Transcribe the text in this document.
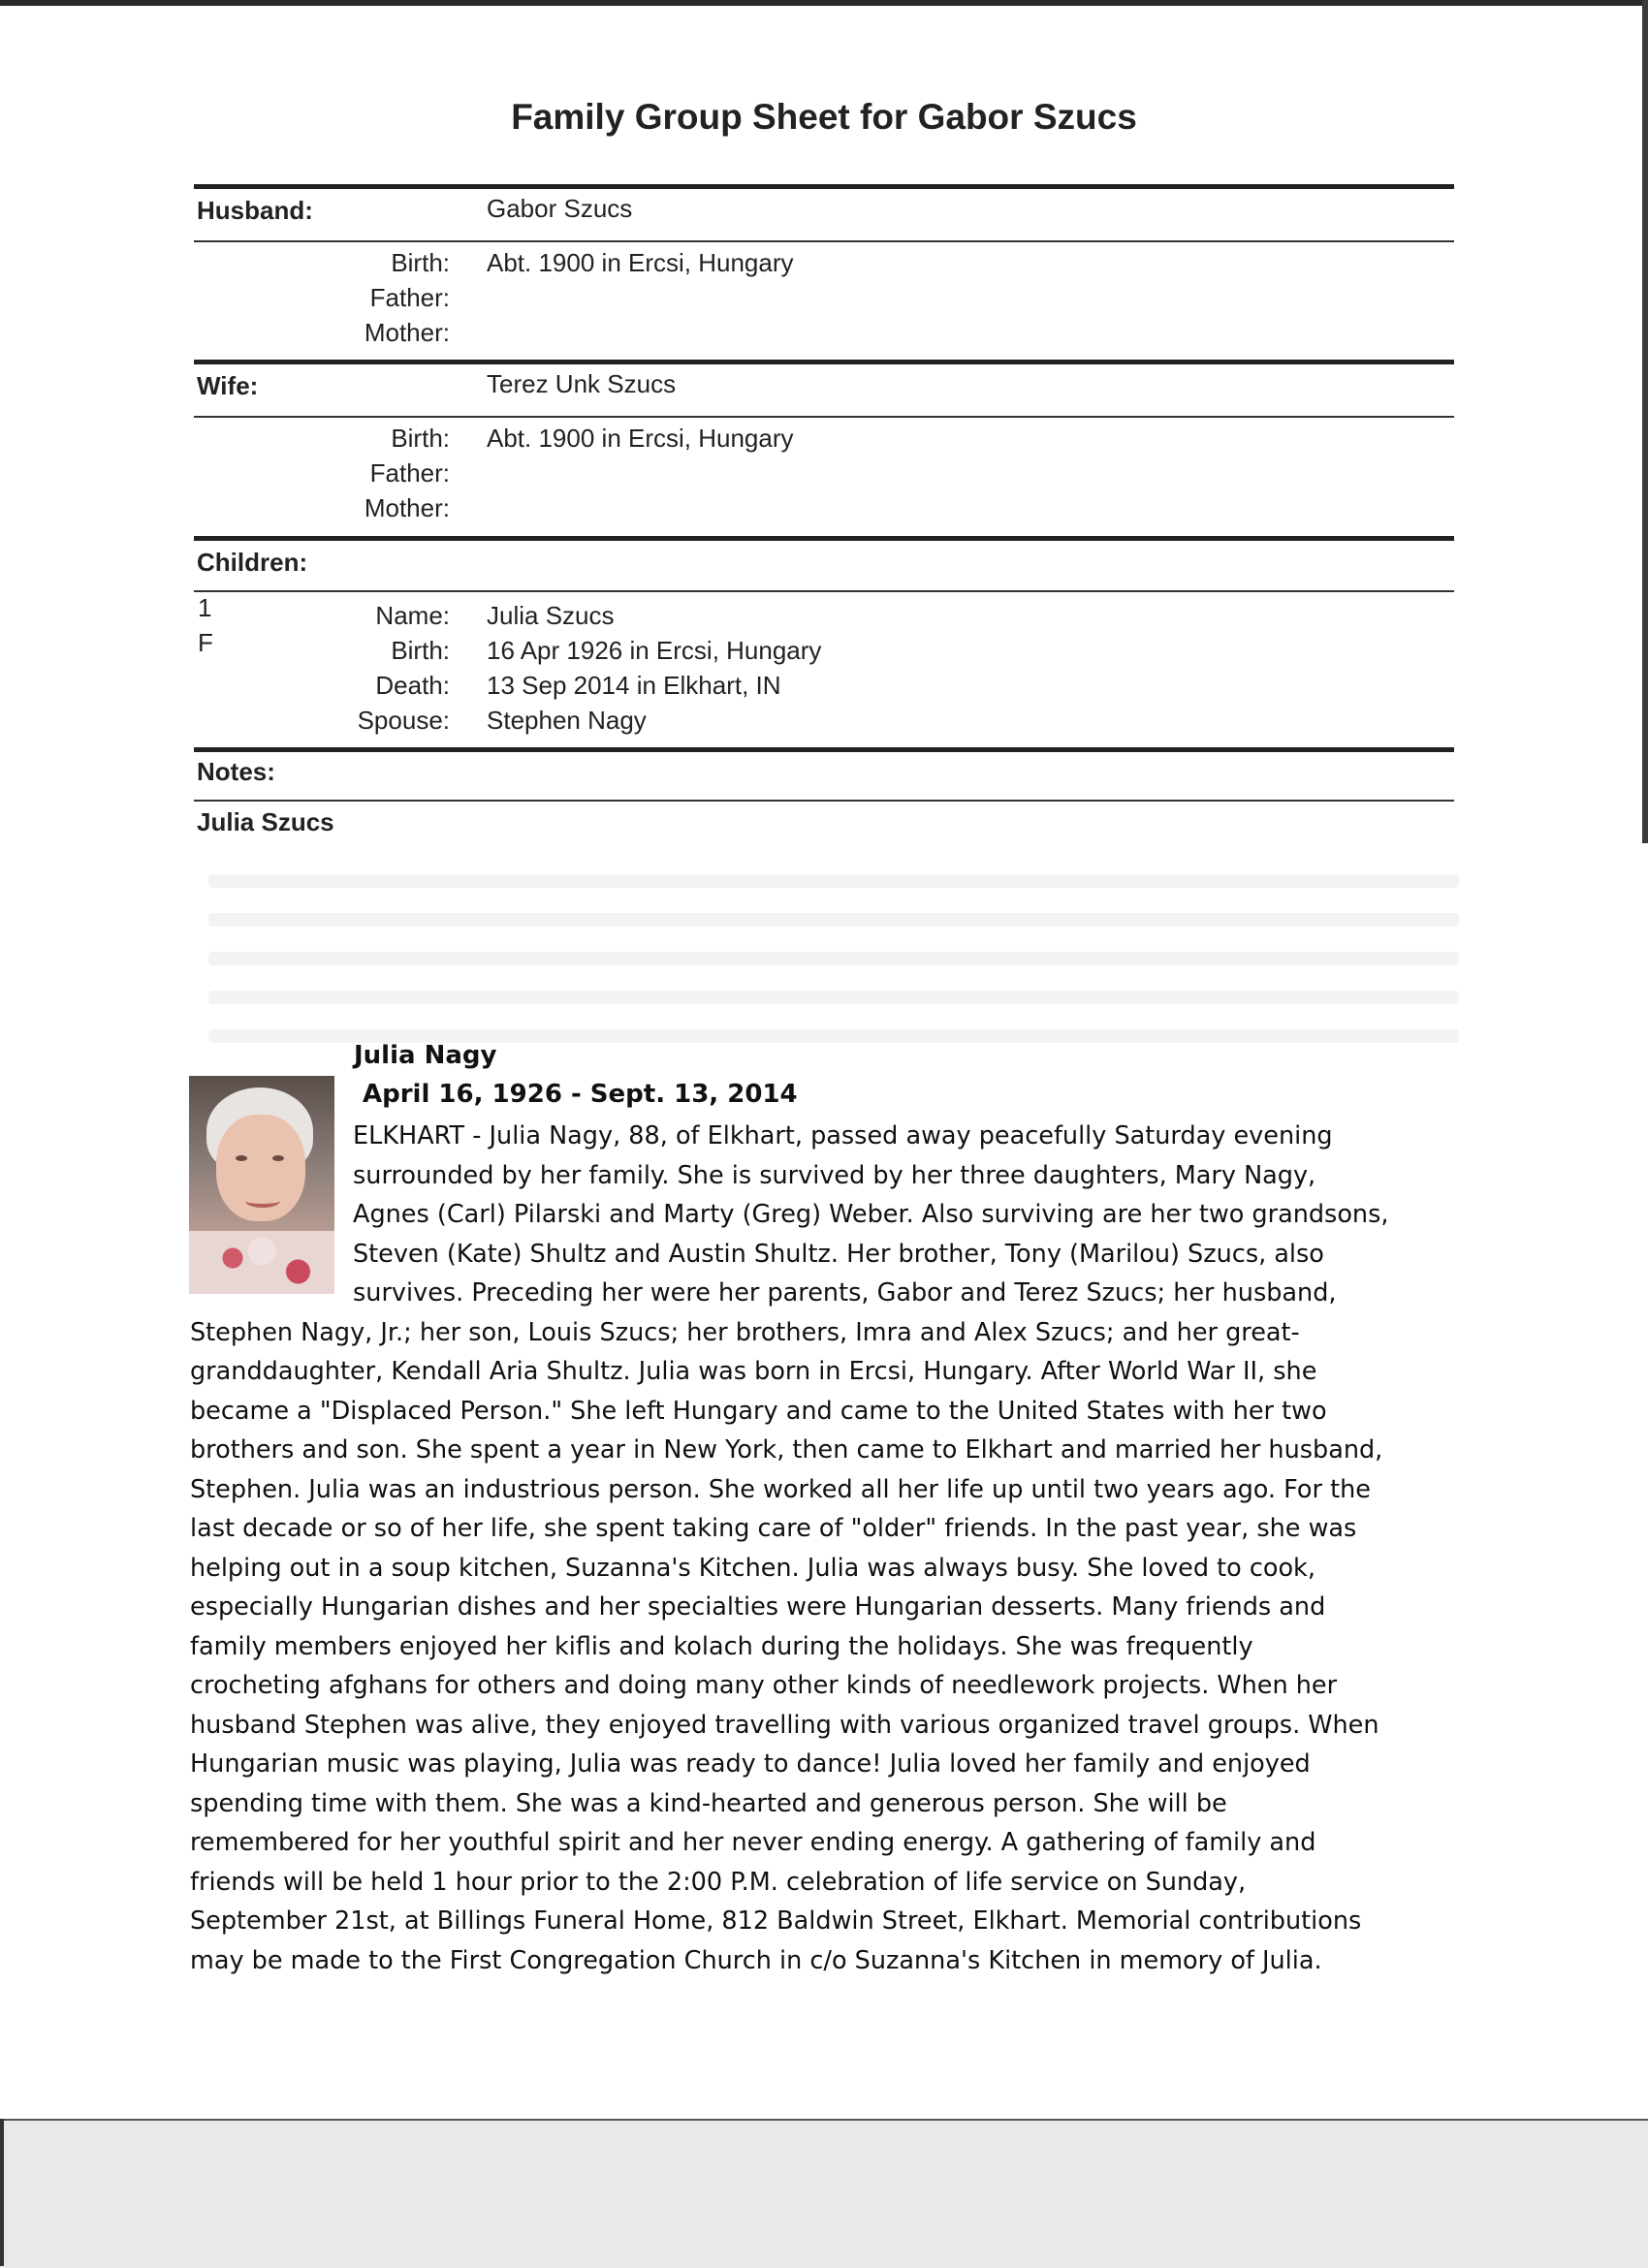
Family Group Sheet for Gabor Szucs
Husband:	Gabor Szucs
Birth: Abt. 1900 in Ercsi, Hungary
Father:
Mother:
Wife:	Terez Unk Szucs
Birth: Abt. 1900 in Ercsi, Hungary
Father:
Mother:
Children:
1
F
Name: Julia Szucs
Birth: 16 Apr 1926 in Ercsi, Hungary
Death: 13 Sep 2014 in Elkhart, IN
Spouse: Stephen Nagy
Notes:
Julia Szucs
Julia Nagy
April 16, 1926 - Sept. 13, 2014
ELKHART - Julia Nagy, 88, of Elkhart, passed away peacefully Saturday evening
surrounded by her family. She is survived by her three daughters, Mary Nagy,
Agnes (Carl) Pilarski and Marty (Greg) Weber. Also surviving are her two grandsons,
Steven (Kate) Shultz and Austin Shultz. Her brother, Tony (Marilou) Szucs, also
survives. Preceding her were her parents, Gabor and Terez Szucs; her husband,
Stephen Nagy, Jr.; her son, Louis Szucs; her brothers, Imra and Alex Szucs; and her great-
granddaughter, Kendall Aria Shultz. Julia was born in Ercsi, Hungary. After World War II, she
became a "Displaced Person." She left Hungary and came to the United States with her two
brothers and son. She spent a year in New York, then came to Elkhart and married her husband,
Stephen. Julia was an industrious person. She worked all her life up until two years ago. For the
last decade or so of her life, she spent taking care of "older" friends. In the past year, she was
helping out in a soup kitchen, Suzanna's Kitchen. Julia was always busy. She loved to cook,
especially Hungarian dishes and her specialties were Hungarian desserts. Many friends and
family members enjoyed her kiflis and kolach during the holidays. She was frequently
crocheting afghans for others and doing many other kinds of needlework projects. When her
husband Stephen was alive, they enjoyed travelling with various organized travel groups. When
Hungarian music was playing, Julia was ready to dance! Julia loved her family and enjoyed
spending time with them. She was a kind-hearted and generous person. She will be
remembered for her youthful spirit and her never ending energy. A gathering of family and
friends will be held 1 hour prior to the 2:00 P.M. celebration of life service on Sunday,
September 21st, at Billings Funeral Home, 812 Baldwin Street, Elkhart. Memorial contributions
may be made to the First Congregation Church in c/o Suzanna's Kitchen in memory of Julia.
